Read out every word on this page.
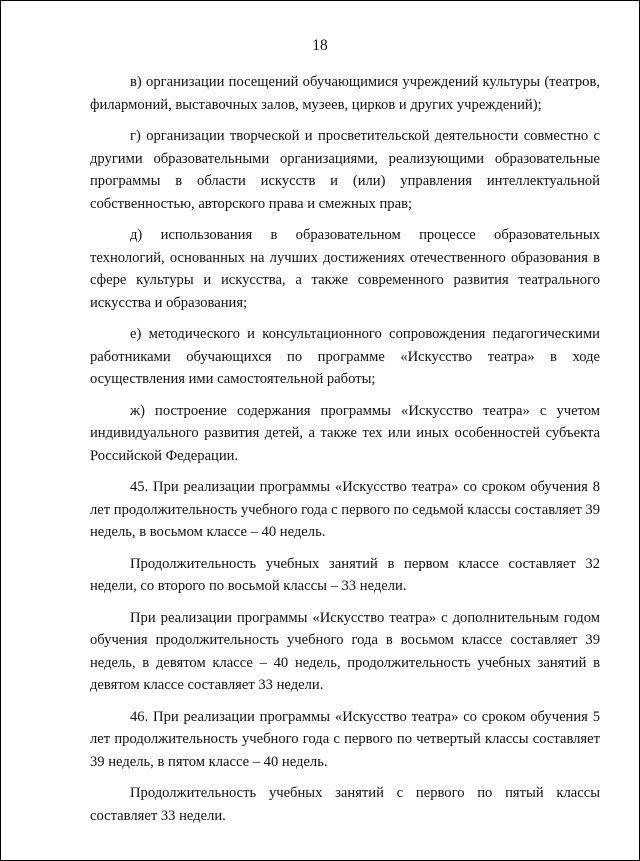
18

в) организации посещений обучающимися учреждений культуры (театров, филармоний, выставочных залов, музеев, цирков и других учреждений);

г) организации творческой и просветительской деятельности совместно с другими образовательными организациями, реализующими образовательные программы в области искусств и (или) управления интеллектуальной собственностью, авторского права и смежных прав;

д) использования в образовательном процессе образовательных технологий, основанных на лучших достижениях отечественного образования в сфере культуры и искусства, а также современного развития театрального искусства и образования;

е) методического и консультационного сопровождения педагогическими работниками обучающихся по программе «Искусство театра» в ходе осуществления ими самостоятельной работы;

ж) построение содержания программы «Искусство театра» с учетом индивидуального развития детей, а также тех или иных особенностей субъекта Российской Федерации.

45. При реализации программы «Искусство театра» со сроком обучения 8 лет продолжительность учебного года с первого по седьмой классы составляет 39 недель, в восьмом классе – 40 недель.

Продолжительность учебных занятий в первом классе составляет 32 недели, со второго по восьмой классы – 33 недели.

При реализации программы «Искусство театра» с дополнительным годом обучения продолжительность учебного года в восьмом классе составляет 39 недель, в девятом классе – 40 недель, продолжительность учебных занятий в девятом классе составляет 33 недели.

46. При реализации программы «Искусство театра» со сроком обучения 5 лет продолжительность учебного года с первого по четвертый классы составляет 39 недель, в пятом классе – 40 недель.

Продолжительность учебных занятий с первого по пятый классы составляет 33 недели.
